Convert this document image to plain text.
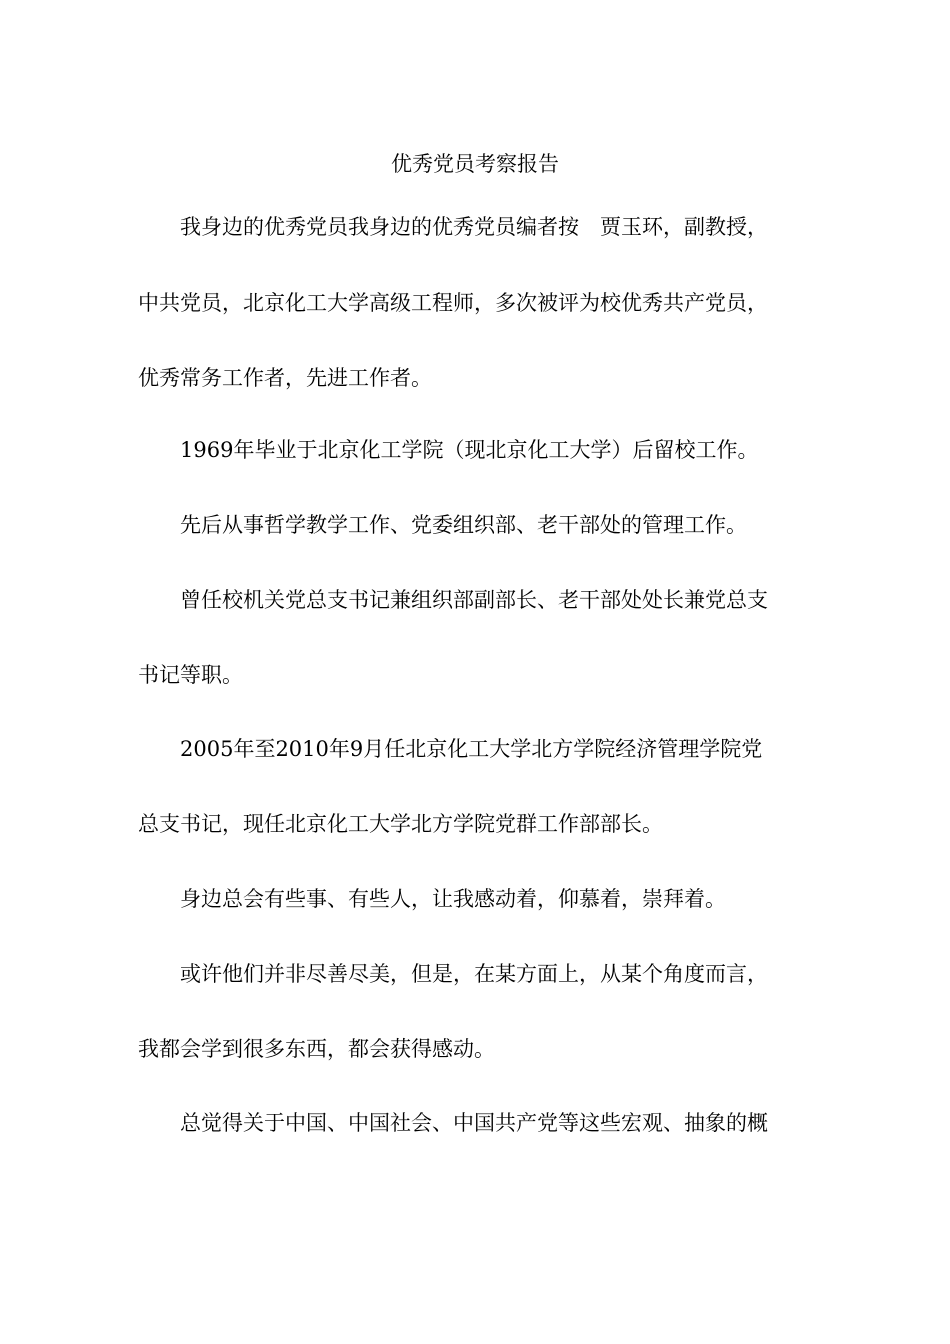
优秀党员考察报告

我身边的优秀党员我身边的优秀党员编者按　贾玉环，副教授，

中共党员，北京化工大学高级工程师，多次被评为校优秀共产党员，

优秀常务工作者，先进工作者。

1969年毕业于北京化工学院（现北京化工大学）后留校工作。

先后从事哲学教学工作、党委组织部、老干部处的管理工作。

曾任校机关党总支书记兼组织部副部长、老干部处处长兼党总支

书记等职。

2005年至2010年9月任北京化工大学北方学院经济管理学院党

总支书记，现任北京化工大学北方学院党群工作部部长。

身边总会有些事、有些人，让我感动着，仰慕着，崇拜着。

或许他们并非尽善尽美，但是，在某方面上，从某个角度而言，

我都会学到很多东西，都会获得感动。

总觉得关于中国、中国社会、中国共产党等这些宏观、抽象的概
